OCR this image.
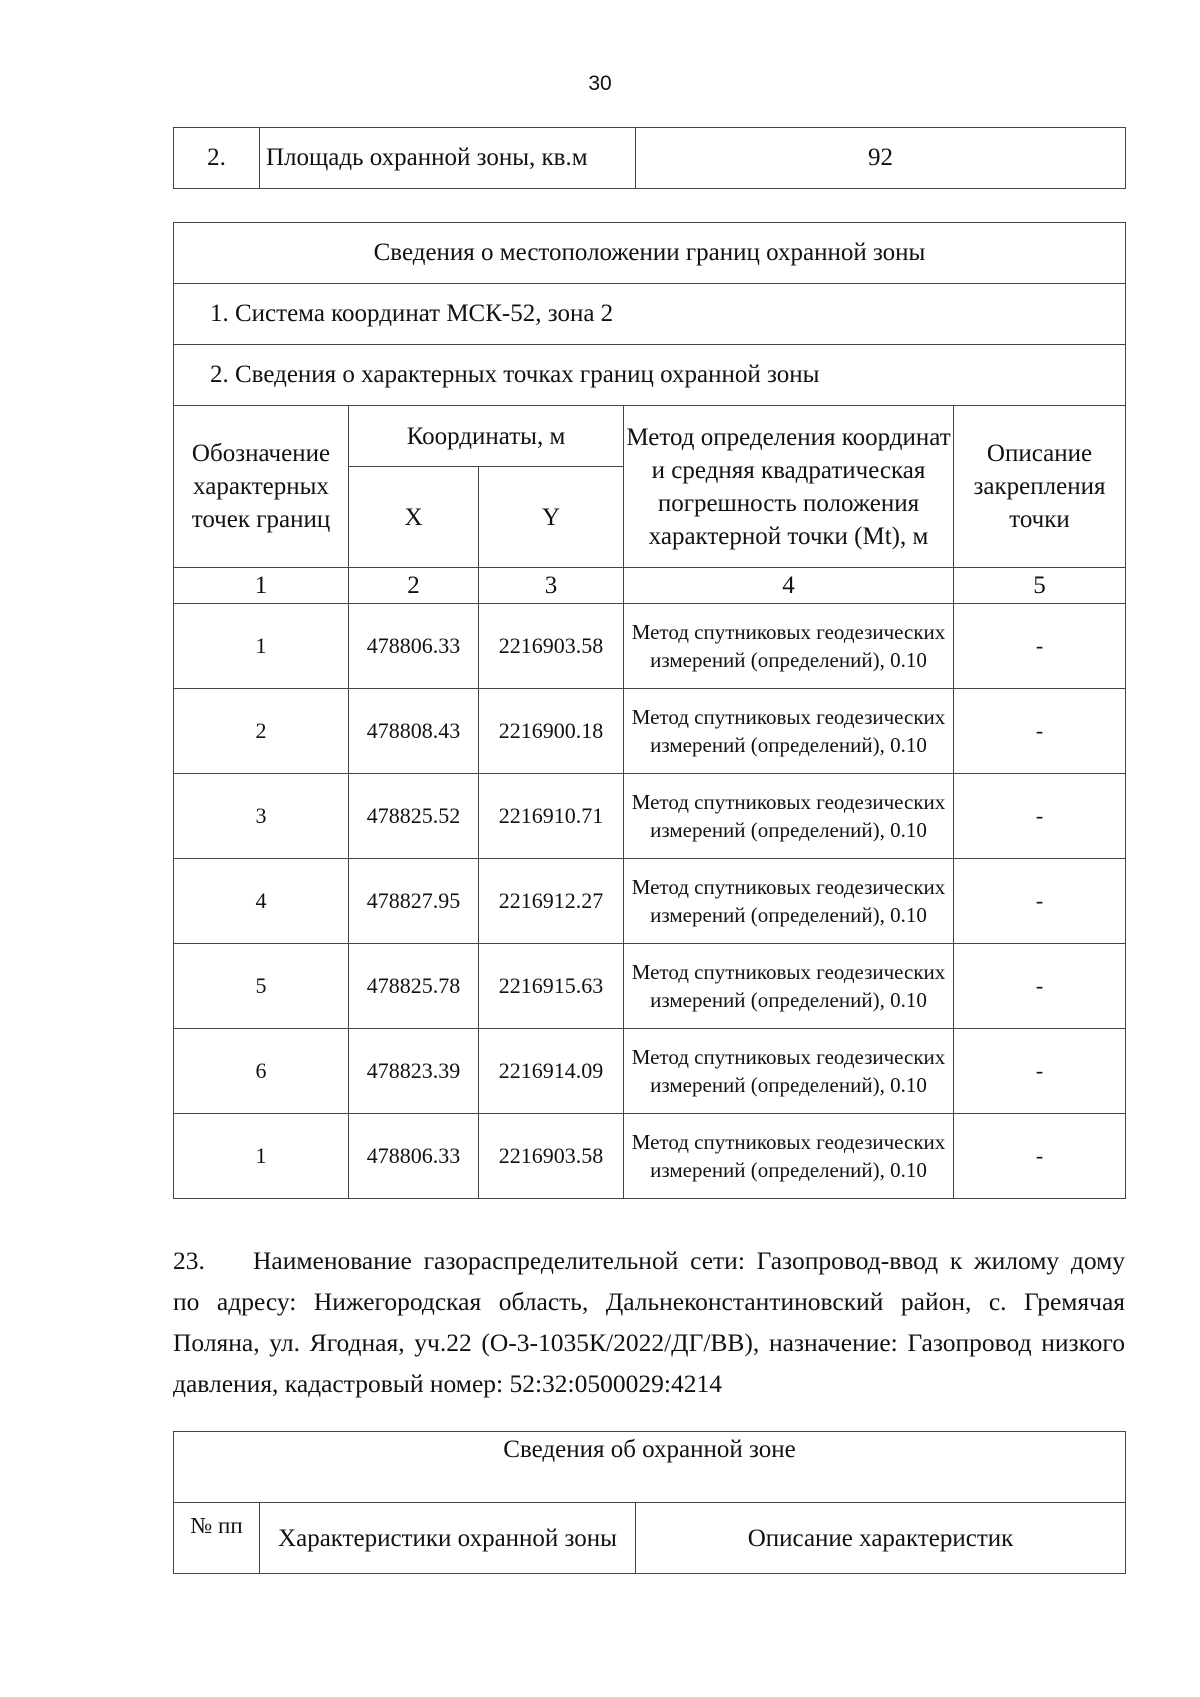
30
2.	Площадь охранной зоны, кв.м	92
Сведения о местоположении границ охранной зоны				
1. Система координат МСК-52, зона 2				
2. Сведения о характерных точках границ охранной зоны				
Обозначение характерных точек границ	Координаты, м		Метод определения координат и средняя квадратическая погрешность положения характерной точки (Mt), м	Описание закрепления точки
	X	Y		
1	2	3	4	5
1	478806.33	2216903.58	Метод спутниковых геодезических измерений (определений), 0.10	-
2	478808.43	2216900.18	Метод спутниковых геодезических измерений (определений), 0.10	-
3	478825.52	2216910.71	Метод спутниковых геодезических измерений (определений), 0.10	-
4	478827.95	2216912.27	Метод спутниковых геодезических измерений (определений), 0.10	-
5	478825.78	2216915.63	Метод спутниковых геодезических измерений (определений), 0.10	-
6	478823.39	2216914.09	Метод спутниковых геодезических измерений (определений), 0.10	-
1	478806.33	2216903.58	Метод спутниковых геодезических измерений (определений), 0.10	-

23. Наименование газораспределительной сети: Газопровод-ввод к жилому дому по адресу: Нижегородская область, Дальнеконстантиновский район, с. Гремячая Поляна, ул. Ягодная, уч.22 (О-3-1035К/2022/ДГ/ВВ), назначение: Газопровод низкого давления, кадастровый номер: 52:32:0500029:4214

Сведения об охранной зоне
№ пп	Характеристики охранной зоны	Описание характеристик
